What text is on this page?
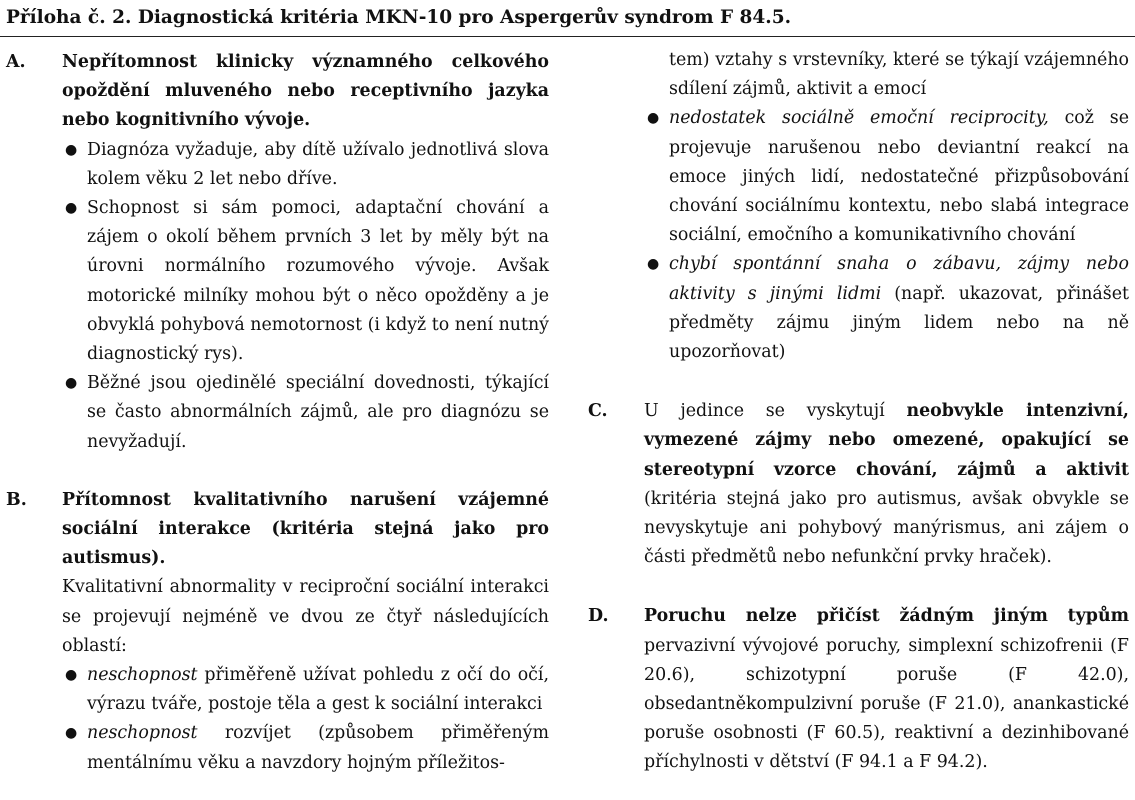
Příloha č. 2. Diagnostická kritéria MKN-10 pro Aspergerův syndrom F 84.5.
A. Nepřítomnost klinicky významného celkového opoždění mluveného nebo receptivního jazyka nebo kognitivního vývoje.
● Diagnóza vyžaduje, aby dítě užívalo jednotlivá slova kolem věku 2 let nebo dříve.
● Schopnost si sám pomoci, adaptační chování a zájem o okolí během prvních 3 let by měly být na úrovni normálního rozumového vývoje. Avšak motorické milníky mohou být o něco opožděny a je obvyklá pohybová nemotornost (i když to není nutný diagnostický rys).
● Běžné jsou ojedinělé speciální dovednosti, týkající se často abnormálních zájmů, ale pro diagnózu se nevyžadují.
B. Přítomnost kvalitativního narušení vzájemné sociální interakce (kritéria stejná jako pro autismus).
Kvalitativní abnormality v reciproční sociální interakci se projevují nejméně ve dvou ze čtyř následujících oblastí:
● neschopnost přiměřeně užívat pohledu z očí do očí, výrazu tváře, postoje těla a gest k sociální interakci
● neschopnost rozvíjet (způsobem přiměřeným mentálnímu věku a navzdory hojným příležitos-
tem) vztahy s vrstevníky, které se týkají vzájemného sdílení zájmů, aktivit a emocí
● nedostatek sociálně emoční reciprocity, což se projevuje narušenou nebo deviantní reakcí na emoce jiných lidí, nedostatečné přizpůsobování chování sociálnímu kontextu, nebo slabá integrace sociální, emočního a komunikativního chování
● chybí spontánní snaha o zábavu, zájmy nebo aktivity s jinými lidmi (např. ukazovat, přinášet předměty zájmu jiným lidem nebo na ně upozorňovat)
C. U jedince se vyskytují neobvykle intenzivní, vymezené zájmy nebo omezené, opakující se stereotypní vzorce chování, zájmů a aktivit (kritéria stejná jako pro autismus, avšak obvykle se nevyskytuje ani pohybový manýrismus, ani zájem o části předmětů nebo nefunkční prvky hraček).
D. Poruchu nelze přičíst žádným jiným typům pervazivní vývojové poruchy, simplexní schizofrenii (F 20.6), schizotypní poruše (F 42.0), obsedantněkompulzivní poruše (F 21.0), anankastické poruše osobnosti (F 60.5), reaktivní a dezinhibované příchylnosti v dětství (F 94.1 a F 94.2).
